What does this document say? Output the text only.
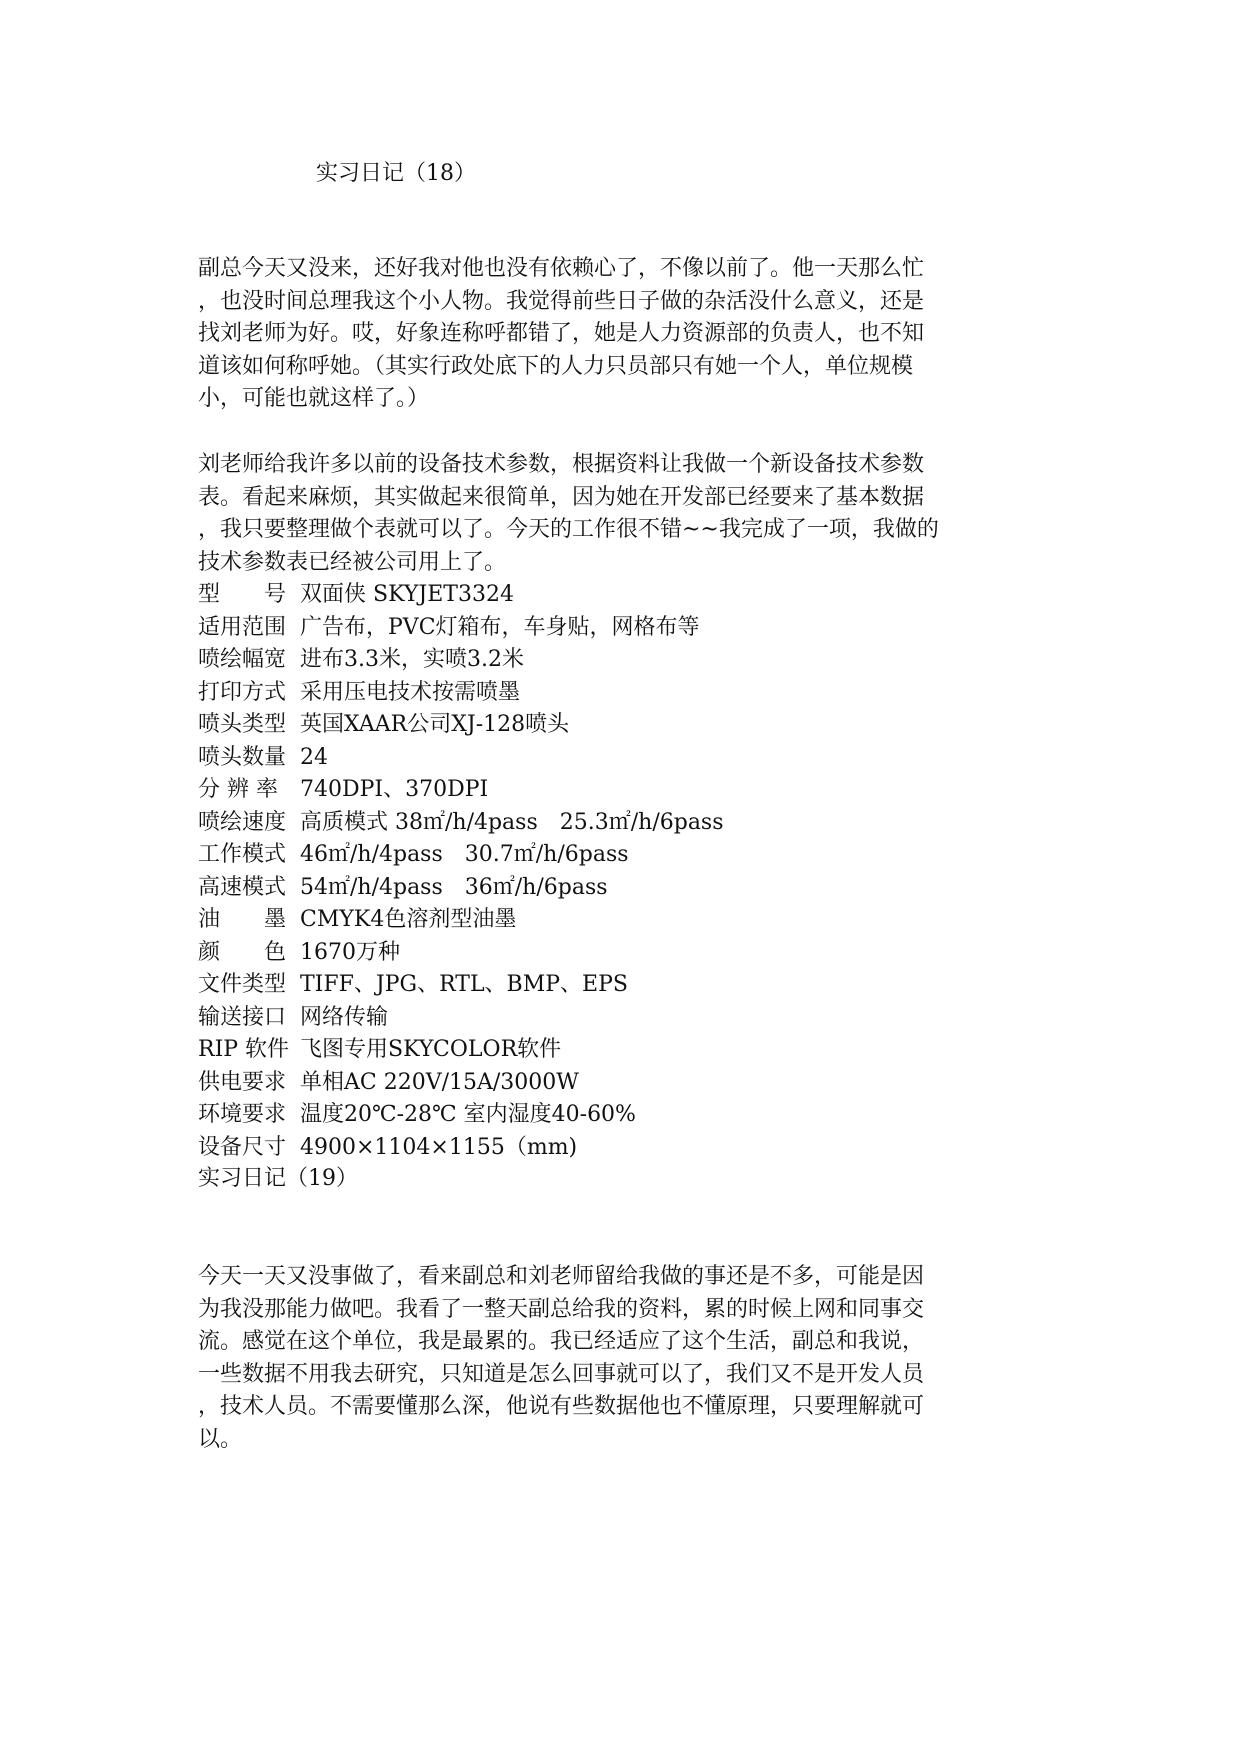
实习日记（18）
副总今天又没来，还好我对他也没有依赖心了，不像以前了。他一天那么忙
，也没时间总理我这个小人物。我觉得前些日子做的杂活没什么意义，还是
找刘老师为好。哎，好象连称呼都错了，她是人力资源部的负责人，也不知
道该如何称呼她。（其实行政处底下的人力只员部只有她一个人，单位规模
小，可能也就这样了。）
刘老师给我许多以前的设备技术参数，根据资料让我做一个新设备技术参数
表。看起来麻烦，其实做起来很简单，因为她在开发部已经要来了基本数据
，我只要整理做个表就可以了。今天的工作很不错~~我完成了一项，我做的
技术参数表已经被公司用上了。
型　　号 双面侠 SKYJET3324
适用范围 广告布，PVC灯箱布，车身贴，网格布等
喷绘幅宽 进布3.3米，实喷3.2米
打印方式 采用压电技术按需喷墨
喷头类型 英国XAAR公司XJ-128喷头
喷头数量 24
分 辨 率 740DPI、370DPI
喷绘速度 高质模式 38㎡/h/4pass　25.3㎡/h/6pass
工作模式 46㎡/h/4pass　30.7㎡/h/6pass
高速模式 54㎡/h/4pass　36㎡/h/6pass
油　　墨 CMYK4色溶剂型油墨
颜　　色 1670万种
文件类型 TIFF、JPG、RTL、BMP、EPS
输送接口 网络传输
RIP 软件 飞图专用SKYCOLOR软件
供电要求 单相AC 220V/15A/3000W
环境要求 温度20℃-28℃ 室内湿度40-60%
设备尺寸 4900×1104×1155（mm)
实习日记（19）
今天一天又没事做了，看来副总和刘老师留给我做的事还是不多，可能是因
为我没那能力做吧。我看了一整天副总给我的资料，累的时候上网和同事交
流。感觉在这个单位，我是最累的。我已经适应了这个生活，副总和我说，
一些数据不用我去研究，只知道是怎么回事就可以了，我们又不是开发人员
，技术人员。不需要懂那么深，他说有些数据他也不懂原理，只要理解就可
以。
